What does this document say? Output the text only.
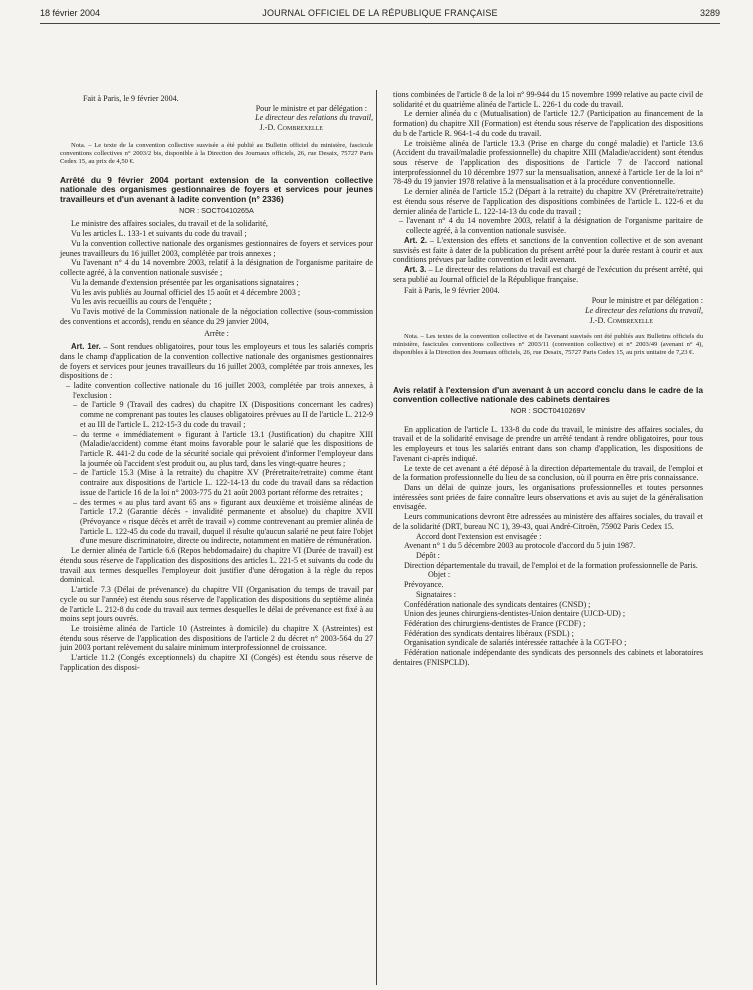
18 février 2004	JOURNAL OFFICIEL DE LA RÉPUBLIQUE FRANÇAISE	3289

Fait à Paris, le 9 février 2004.

Pour le ministre et par délégation :

Le directeur des relations du travail,

J.-D. Combrexelle

Nota. – Le texte de la convention collective susvisée a été publié au Bulletin officiel du ministère, fascicule conventions collectives n° 2003/2 bis, disponible à la Direction des Journaux officiels, 26, rue Desaix, 75727 Paris Cedex 15, au prix de 4,50 €.

Arrêté du 9 février 2004 portant extension de la convention collective nationale des organismes gestionnaires de foyers et services pour jeunes travailleurs et d'un avenant à ladite convention (n° 2336)
NOR : SOCT0410265A

Le ministre des affaires sociales, du travail et de la solidarité,

Vu les articles L. 133-1 et suivants du code du travail ;

Vu la convention collective nationale des organismes gestionnaires de foyers et services pour jeunes travailleurs du 16 juillet 2003, complétée par trois annexes ;

Vu l'avenant n° 4 du 14 novembre 2003, relatif à la désignation de l'organisme paritaire de collecte agréé, à la convention nationale susvisée ;

Vu la demande d'extension présentée par les organisations signataires ;

Vu les avis publiés au Journal officiel des 15 août et 4 décembre 2003 ;

Vu les avis recueillis au cours de l'enquête ;

Vu l'avis motivé de la Commission nationale de la négociation collective (sous-commission des conventions et accords), rendu en séance du 29 janvier 2004,

Arrête :

Art. 1er. – Sont rendues obligatoires, pour tous les employeurs et tous les salariés compris dans le champ d'application de la convention collective nationale des organismes gestionnaires de foyers et services pour jeunes travailleurs du 16 juillet 2003, complétée par trois annexes, les dispositions de :

– ladite convention collective nationale du 16 juillet 2003, complétée par trois annexes, à l'exclusion :

– de l'article 9 (Travail des cadres) du chapitre IX (Dispositions concernant les cadres) comme ne comprenant pas toutes les clauses obligatoires prévues au II de l'article L. 212-9 et au III de l'article L. 212-15-3 du code du travail ;

– du terme « immédiatement » figurant à l'article 13.1 (Justification) du chapitre XIII (Maladie/accident) comme étant moins favorable pour le salarié que les dispositions de l'article R. 441-2 du code de la sécurité sociale qui prévoient d'informer l'employeur dans la journée où l'accident s'est produit ou, au plus tard, dans les vingt-quatre heures ;

– de l'article 15.3 (Mise à la retraite) du chapitre XV (Préretraite/retraite) comme étant contraire aux dispositions de l'article L. 122-14-13 du code du travail dans sa rédaction issue de l'article 16 de la loi n° 2003-775 du 21 août 2003 portant réforme des retraites ;

– des termes « au plus tard avant 65 ans » figurant aux deuxième et troisième alinéas de l'article 17.2 (Garantie décès - invalidité permanente et absolue) du chapitre XVII (Prévoyance « risque décès et arrêt de travail ») comme contrevenant au premier alinéa de l'article L. 122-45 du code du travail, duquel il résulte qu'aucun salarié ne peut faire l'objet d'une mesure discriminatoire, directe ou indirecte, notamment en matière de rémunération.

Le dernier alinéa de l'article 6.6 (Repos hebdomadaire) du chapitre VI (Durée de travail) est étendu sous réserve de l'application des dispositions des articles L. 221-5 et suivants du code du travail aux termes desquelles l'employeur doit justifier d'une dérogation à la règle du repos dominical.

L'article 7.3 (Délai de prévenance) du chapitre VII (Organisation du temps de travail par cycle ou sur l'année) est étendu sous réserve de l'application des dispositions du septième alinéa de l'article L. 212-8 du code du travail aux termes desquelles le délai de prévenance est fixé à au moins sept jours ouvrés.

Le troisième alinéa de l'article 10 (Astreintes à domicile) du chapitre X (Astreintes) est étendu sous réserve de l'application des dispositions de l'article 2 du décret n° 2003-564 du 27 juin 2003 portant relèvement du salaire minimum interprofessionnel de croissance.

L'article 11.2 (Congés exceptionnels) du chapitre XI (Congés) est étendu sous réserve de l'application des disposi-

tions combinées de l'article 8 de la loi n° 99-944 du 15 novembre 1999 relative au pacte civil de solidarité et du quatrième alinéa de l'article L. 226-1 du code du travail.

Le dernier alinéa du c (Mutualisation) de l'article 12.7 (Participation au financement de la formation) du chapitre XII (Formation) est étendu sous réserve de l'application des dispositions du b de l'article R. 964-1-4 du code du travail.

Le troisième alinéa de l'article 13.3 (Prise en charge du congé maladie) et l'article 13.6 (Accident du travail/maladie professionnelle) du chapitre XIII (Maladie/accident) sont étendus sous réserve de l'application des dispositions de l'article 7 de l'accord national interprofessionnel du 10 décembre 1977 sur la mensualisation, annexé à l'article 1er de la loi n° 78-49 du 19 janvier 1978 relative à la mensualisation et à la procédure conventionnelle.

Le dernier alinéa de l'article 15.2 (Départ à la retraite) du chapitre XV (Préretraite/retraite) est étendu sous réserve de l'application des dispositions combinées de l'article L. 122-6 et du dernier alinéa de l'article L. 122-14-13 du code du travail ;

– l'avenant n° 4 du 14 novembre 2003, relatif à la désignation de l'organisme paritaire de collecte agréé, à la convention nationale susvisée.

Art. 2. – L'extension des effets et sanctions de la convention collective et de son avenant susvisés est faite à dater de la publication du présent arrêté pour la durée restant à courir et aux conditions prévues par ladite convention et ledit avenant.

Art. 3. – Le directeur des relations du travail est chargé de l'exécution du présent arrêté, qui sera publié au Journal officiel de la République française.

Fait à Paris, le 9 février 2004.

Pour le ministre et par délégation :

Le directeur des relations du travail,

J.-D. Combrexelle

Nota. – Les textes de la convention collective et de l'avenant susvisés ont été publiés aux Bulletins officiels du ministère, fascicules conventions collectives n° 2003/11 (convention collective) et n° 2003/49 (avenant n° 4), disponibles à la Direction des Journaux officiels, 26, rue Desaix, 75727 Paris Cedex 15, au prix unitaire de 7,23 €.

Avis relatif à l'extension d'un avenant à un accord conclu dans le cadre de la convention collective nationale des cabinets dentaires
NOR : SOCT0410269V

En application de l'article L. 133-8 du code du travail, le ministre des affaires sociales, du travail et de la solidarité envisage de prendre un arrêté tendant à rendre obligatoires, pour tous les employeurs et tous les salariés entrant dans son champ d'application, les dispositions de l'avenant ci-après indiqué.

Le texte de cet avenant a été déposé à la direction départementale du travail, de l'emploi et de la formation professionnelle du lieu de sa conclusion, où il pourra en être pris connaissance.

Dans un délai de quinze jours, les organisations professionnelles et toutes personnes intéressées sont priées de faire connaître leurs observations et avis au sujet de la généralisation envisagée.

Leurs communications devront être adressées au ministère des affaires sociales, du travail et de la solidarité (DRT, bureau NC 1), 39-43, quai André-Citroën, 75902 Paris Cedex 15.

Accord dont l'extension est envisagée :

Avenant n° 1 du 5 décembre 2003 au protocole d'accord du 5 juin 1987.

Dépôt :

Direction départementale du travail, de l'emploi et de la formation professionnelle de Paris.

Objet :

Prévoyance.

Signataires :

Confédération nationale des syndicats dentaires (CNSD) ;

Union des jeunes chirurgiens-dentistes-Union dentaire (UJCD-UD) ;

Fédération des chirurgiens-dentistes de France (FCDF) ;

Fédération des syndicats dentaires libéraux (FSDL) ;

Organisation syndicale de salariés intéressée rattachée à la CGT-FO ;

Fédération nationale indépendante des syndicats des personnels des cabinets et laboratoires dentaires (FNISPCLD).
